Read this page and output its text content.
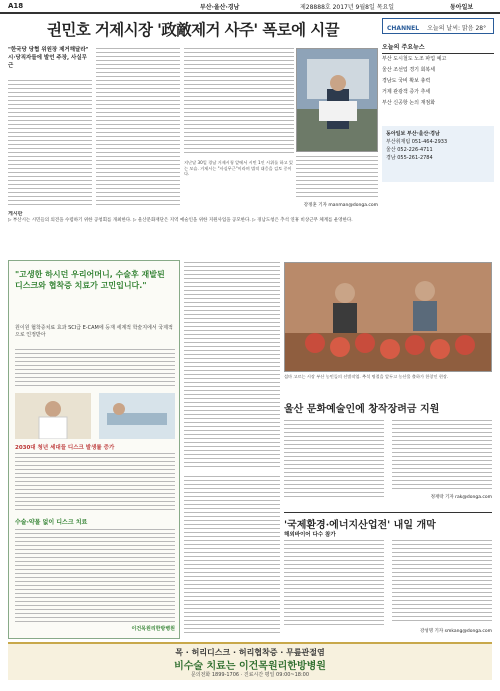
A18	부산·울산·경남	제28888호 2017년 9월8일 목요일	동아일보
권민호 거제시장 '政敵제거 사주' 폭로에 시끌
"한국당 당협 위원장 제거해달라" 시·당직자들에 발언 주장, 사실무근
지난달 30일 경남 거제시청 앞에서 시민 1인 시위를 하고 있는 모습. 거제시는 "사실무근"이라며 법적 대응을 검토 중이다.
강정훈 기자 manman@donga.com
CHANNEL 오늘의 날씨: 맑음 28°
오늘의 주요뉴스
부산 도시철도 노조 파업 예고
울산 조선업 경기 회복세
경남도 국비 확보 총력
거제 관광객 증가 추세
부산 신공항 논의 재점화
동아일보 부산·울산·경남
부산취재팀 051-464-2933
울산 052-226-4711
경남 055-261-2784
게시판
▷ 부산시는 시민들의 의견을 수렴하기 위한 공청회를 개최한다. ▷ 울산문화재단은 지역 예술인을 위한 지원사업을 공모한다. ▷ 경남도청은 추석 연휴 비상근무 체계를 운영한다.
"고생한 하시던 우리어머니, 수술후 재발된 디스크와 협착증 치료가 고민입니다."
원이원 협착증치료 효과 SCI급 E-CAM에 등재 세계적 학술지에서 국제적으로 인정받아
2030대 청년 세대들 디스크 발생률 증가
수술·약물 없이 디스크 치료
이건목원리한방병원
섬마 고르는 시장 부산 농민들의 선별작업. 추석 명절을 앞두고 농산물 출하가 한창인 현장.
울산 문화예술인에 창작장려금 지원
정재락 기자 rak@donga.com
'국제환경·에너지산업전' 내일 개막
해외바이어 다수 참가
강성명 기자 smkang@donga.com
목 · 허리디스크 · 허리협착증 · 무릎관절염
비수술 치료는 이건목원리한방병원
문의전화 1899-1706 · 진료시간 평일 09:00~18:00
